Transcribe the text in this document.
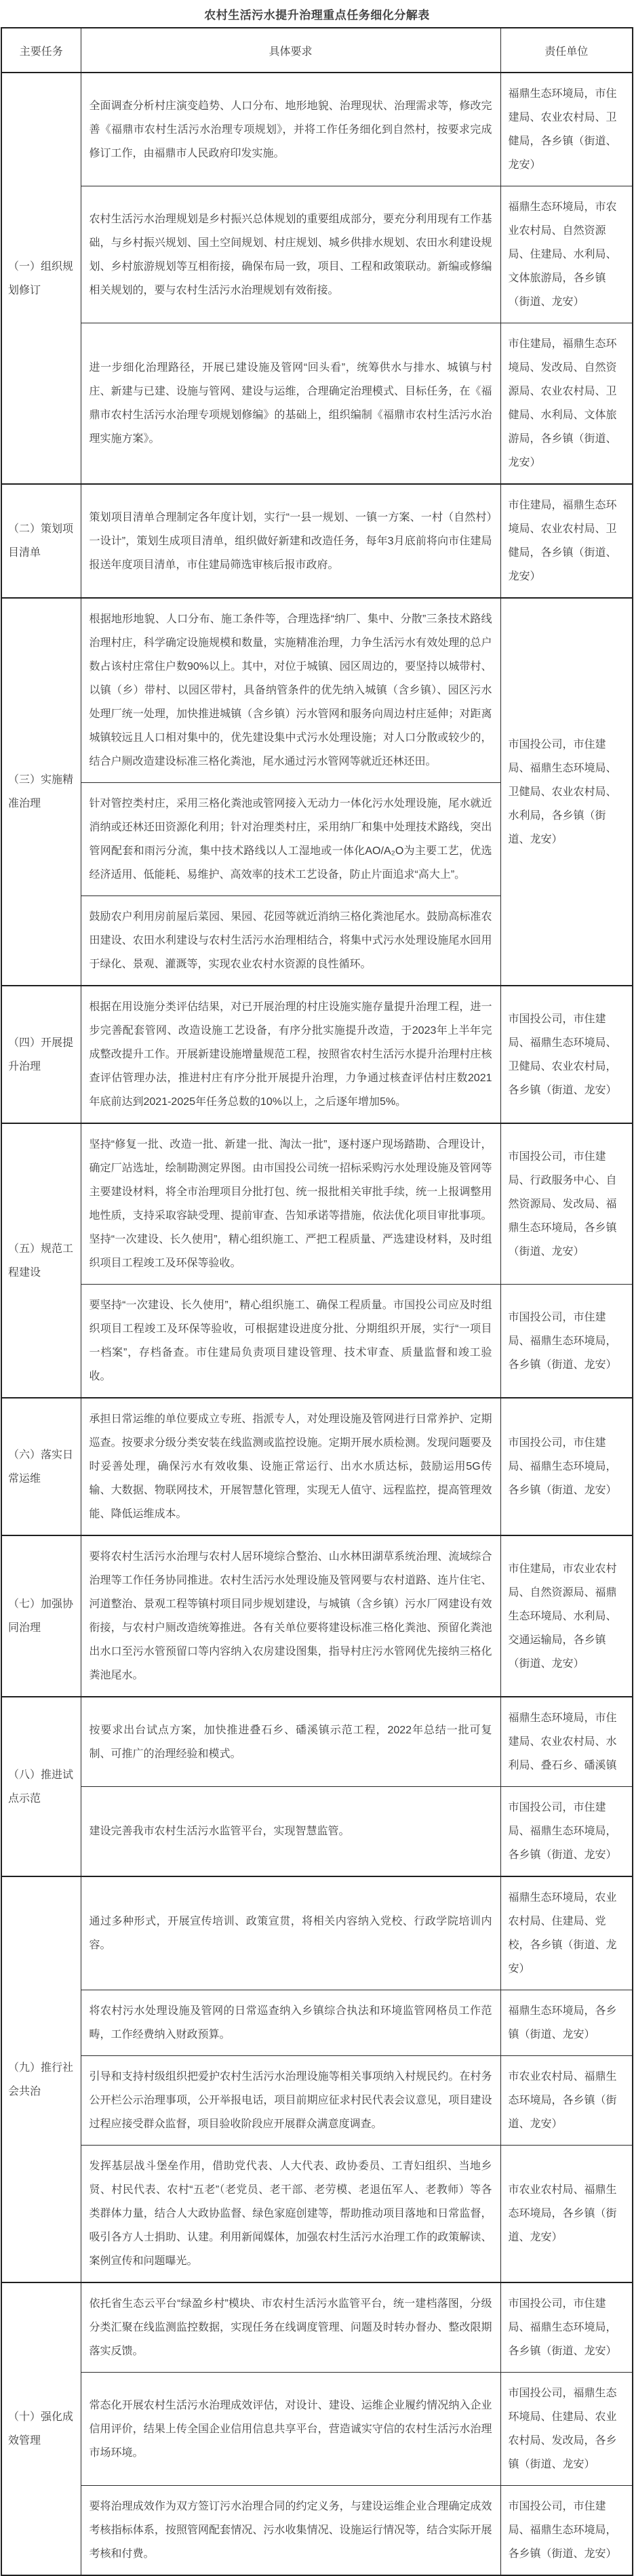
农村生活污水提升治理重点任务细化分解表
主要任务	具体要求	责任单位
（一）组织规划修订	全面调查分析村庄演变趋势、人口分布、地形地貌、治理现状、治理需求等，修改完善《福鼎市农村生活污水治理专项规划》，并将工作任务细化到自然村，按要求完成修订工作，由福鼎市人民政府印发实施。	福鼎生态环境局，市住建局、农业农村局、卫健局，各乡镇（街道、龙安）
	农村生活污水治理规划是乡村振兴总体规划的重要组成部分，要充分利用现有工作基础，与乡村振兴规划、国土空间规划、村庄规划、城乡供排水规划、农田水利建设规划、乡村旅游规划等互相衔接，确保布局一致，项目、工程和政策联动。新编或修编相关规划的，要与农村生活污水治理规划有效衔接。	福鼎生态环境局，市农业农村局、自然资源局、住建局、水利局、文体旅游局，各乡镇（街道、龙安）
	进一步细化治理路径，开展已建设施及管网“回头看”，统筹供水与排水、城镇与村庄、新建与已建、设施与管网、建设与运维，合理确定治理模式、目标任务，在《福鼎市农村生活污水治理专项规划修编》的基础上，组织编制《福鼎市农村生活污水治理实施方案》。	市住建局，福鼎生态环境局、发改局、自然资源局、农业农村局、卫健局、水利局、文体旅游局，各乡镇（街道、龙安）
（二）策划项目清单	策划项目清单合理制定各年度计划，实行“一县一规划、一镇一方案、一村（自然村）一设计”，策划生成项目清单，组织做好新建和改造任务，每年3月底前将向市住建局报送年度项目清单，市住建局筛选审核后报市政府。	市住建局，福鼎生态环境局、农业农村局、卫健局，各乡镇（街道、龙安）
（三）实施精准治理	根据地形地貌、人口分布、施工条件等，合理选择“纳厂、集中、分散”三条技术路线治理村庄，科学确定设施规模和数量，实施精准治理，力争生活污水有效处理的总户数占该村庄常住户数90%以上。其中，对位于城镇、园区周边的，要坚持以城带村、以镇（乡）带村、以园区带村，具备纳管条件的优先纳入城镇（含乡镇）、园区污水处理厂统一处理，加快推进城镇（含乡镇）污水管网和服务向周边村庄延伸；对距离城镇较远且人口相对集中的，优先建设集中式污水处理设施；对人口分散或较少的，结合户厕改造建设标准三格化粪池，尾水通过污水管网等就近还林还田。	市国投公司，市住建局、福鼎生态环境局、卫健局、农业农村局、水利局，各乡镇（街道、龙安）
	针对管控类村庄，采用三格化粪池或管网接入无动力一体化污水处理设施，尾水就近消纳或还林还田资源化利用；针对治理类村庄，采用纳厂和集中处理技术路线，突出管网配套和雨污分流，集中技术路线以人工湿地或一体化AO/A₂O为主要工艺，优选经济适用、低能耗、易维护、高效率的技术工艺设备，防止片面追求“高大上”。	
	鼓励农户利用房前屋后菜园、果园、花园等就近消纳三格化粪池尾水。鼓励高标准农田建设、农田水利建设与农村生活污水治理相结合，将集中式污水处理设施尾水回用于绿化、景观、灌溉等，实现农业农村水资源的良性循环。	
（四）开展提升治理	根据在用设施分类评估结果，对已开展治理的村庄设施实施存量提升治理工程，进一步完善配套管网、改造设施工艺设备，有序分批实施提升改造，于2023年上半年完成整改提升工作。开展新建设施增量规范工程，按照省农村生活污水提升治理村庄核查评估管理办法，推进村庄有序分批开展提升治理，力争通过核查评估村庄数2021年底前达到2021-2025年任务总数的10%以上，之后逐年增加5%。	市国投公司，市住建局、福鼎生态环境局、卫健局、农业农村局，各乡镇（街道、龙安）
（五）规范工程建设	坚持“修复一批、改造一批、新建一批、淘汰一批”，逐村逐户现场踏勘、合理设计，确定厂站选址，绘制勘测定界图。由市国投公司统一招标采购污水处理设施及管网等主要建设材料，将全市治理项目分批打包、统一报批相关审批手续，统一上报调整用地性质，支持采取容缺受理、提前审查、告知承诺等措施，依法优化项目审批事项。坚持“一次建设、长久使用”，精心组织施工、严把工程质量、严选建设材料，及时组织项目工程竣工及环保等验收。	市国投公司，市住建局、行政服务中心、自然资源局、发改局、福鼎生态环境局，各乡镇（街道、龙安）
	要坚持“一次建设、长久使用”，精心组织施工、确保工程质量。市国投公司应及时组织项目工程竣工及环保等验收，可根据建设进度分批、分期组织开展，实行“一项目一档案”，存档备查。市住建局负责项目建设管理、技术审查、质量监督和竣工验收。	市国投公司，市住建局、福鼎生态环境局，各乡镇（街道、龙安）
（六）落实日常运维	承担日常运维的单位要成立专班、指派专人，对处理设施及管网进行日常养护、定期巡查。按要求分级分类安装在线监测或监控设施。定期开展水质检测。发现问题要及时妥善处理，确保污水有效收集、设施正常运行、出水水质达标，鼓励运用5G传输、大数据、物联网技术，开展智慧化管理，实现无人值守、远程监控，提高管理效能、降低运维成本。	市国投公司，市住建局、福鼎生态环境局，各乡镇（街道、龙安）
（七）加强协同治理	要将农村生活污水治理与农村人居环境综合整治、山水林田湖草系统治理、流域综合治理等工作任务协同推进。农村生活污水处理设施及管网要与农村道路、连片住宅、河道整治、景观工程等镇村项目同步规划建设，与城镇（含乡镇）污水厂网建设有效衔接，与农村户厕改造统筹推进。各有关单位要将建设标准三格化粪池、预留化粪池出水口至污水管预留口等内容纳入农房建设图集，指导村庄污水管网优先接纳三格化粪池尾水。	市住建局，市农业农村局、自然资源局、福鼎生态环境局、水利局、交通运输局，各乡镇（街道、龙安）
（八）推进试点示范	按要求出台试点方案，加快推进叠石乡、磻溪镇示范工程，2022年总结一批可复制、可推广的治理经验和模式。	福鼎生态环境局，市住建局、农业农村局、水利局、叠石乡、磻溪镇
	建设完善我市农村生活污水监管平台，实现智慧监管。	市国投公司，市住建局、福鼎生态环境局，各乡镇（街道、龙安）
（九）推行社会共治	通过多种形式，开展宣传培训、政策宣贯，将相关内容纳入党校、行政学院培训内容。	福鼎生态环境局，农业农村局、住建局、党校，各乡镇（街道、龙安）
	将农村污水处理设施及管网的日常巡查纳入乡镇综合执法和环境监管网格员工作范畴，工作经费纳入财政预算。	福鼎生态环境局，各乡镇（街道、龙安）
	引导和支持村级组织把爱护农村生活污水治理设施等相关事项纳入村规民约。在村务公开栏公示治理事项，公开举报电话，项目前期应征求村民代表会议意见，项目建设过程应接受群众监督，项目验收阶段应开展群众满意度调查。	市农业农村局、福鼎生态环境局，各乡镇（街道、龙安）
	发挥基层战斗堡垒作用，借助党代表、人大代表、政协委员、工青妇组织、当地乡贤、村民代表、农村“五老”（老党员、老干部、老劳模、老退伍军人、老教师）等各类群体力量，结合人大政协监督、绿色家庭创建等，帮助推动项目落地和日常监督，吸引各方人士捐助、认建。利用新闻媒体，加强农村生活污水治理工作的政策解读、案例宣传和问题曝光。	市农业农村局、福鼎生态环境局，各乡镇（街道、龙安）
（十）强化成效管理	依托省生态云平台“绿盈乡村”模块、市农村生活污水监管平台，统一建档落图，分级分类汇聚在线监测监控数据，实现任务在线调度管理、问题及时转办督办、整改限期落实反馈。	市国投公司，市住建局、福鼎生态环境局，各乡镇（街道、龙安）
	常态化开展农村生活污水治理成效评估，对设计、建设、运维企业履约情况纳入企业信用评价，结果上传全国企业信用信息共享平台，营造诚实守信的农村生活污水治理市场环境。	市国投公司，福鼎生态环境局、住建局、农业农村局、发改局，各乡镇（街道、龙安）
	要将治理成效作为双方签订污水治理合同的约定义务，与建设运维企业合理确定成效考核指标体系，按照管网配套情况、污水收集情况、设施运行情况等，结合实际开展考核和付费。	市国投公司，市住建局、福鼎生态环境局，各乡镇（街道、龙安）
